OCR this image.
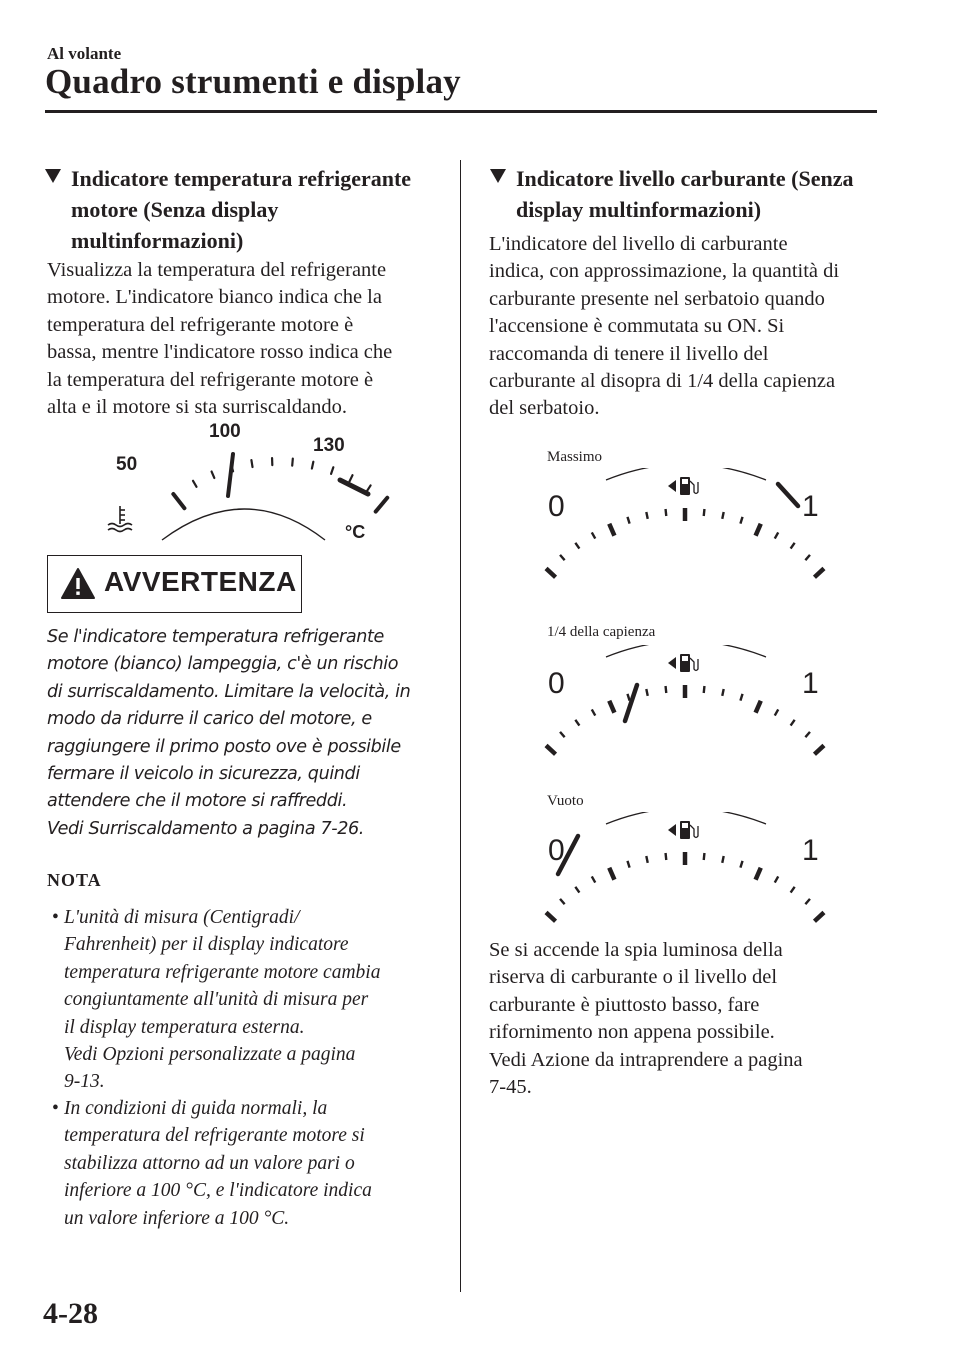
Al volante
Quadro strumenti e display
Indicatore temperatura refrigerante motore (Senza display multinformazioni)
Visualizza la temperatura del refrigerante
motore. L'indicatore bianco indica che la
temperatura del refrigerante motore è
bassa, mentre l'indicatore rosso indica che
la temperatura del refrigerante motore è
alta e il motore si sta surriscaldando.
50
100
130
°C
AVVERTENZA
Se l'indicatore temperatura refrigerante
motore (bianco) lampeggia, c'è un rischio
di surriscaldamento. Limitare la velocità, in
modo da ridurre il carico del motore, e
raggiungere il primo posto ove è possibile
fermare il veicolo in sicurezza, quindi
attendere che il motore si raffreddi.
Vedi Surriscaldamento a pagina 7-26.
NOTA
• L'unità di misura (Centigradi/
Fahrenheit) per il display indicatore
temperatura refrigerante motore cambia
congiuntamente all'unità di misura per
il display temperatura esterna.
Vedi Opzioni personalizzate a pagina
9-13.
• In condizioni di guida normali, la
temperatura del refrigerante motore si
stabilizza attorno ad un valore pari o
inferiore a 100 °C, e l'indicatore indica
un valore inferiore a 100 °C.
Indicatore livello carburante (Senza display multinformazioni)
L'indicatore del livello di carburante
indica, con approssimazione, la quantità di
carburante presente nel serbatoio quando
l'accensione è commutata su ON. Si
raccomanda di tenere il livello del
carburante al disopra di 1/4 della capienza
del serbatoio.
Massimo
0	1
1/4 della capienza
0	1
Vuoto
0	1
Se si accende la spia luminosa della
riserva di carburante o il livello del
carburante è piuttosto basso, fare
rifornimento non appena possibile.
Vedi Azione da intraprendere a pagina
7-45.
4-28
